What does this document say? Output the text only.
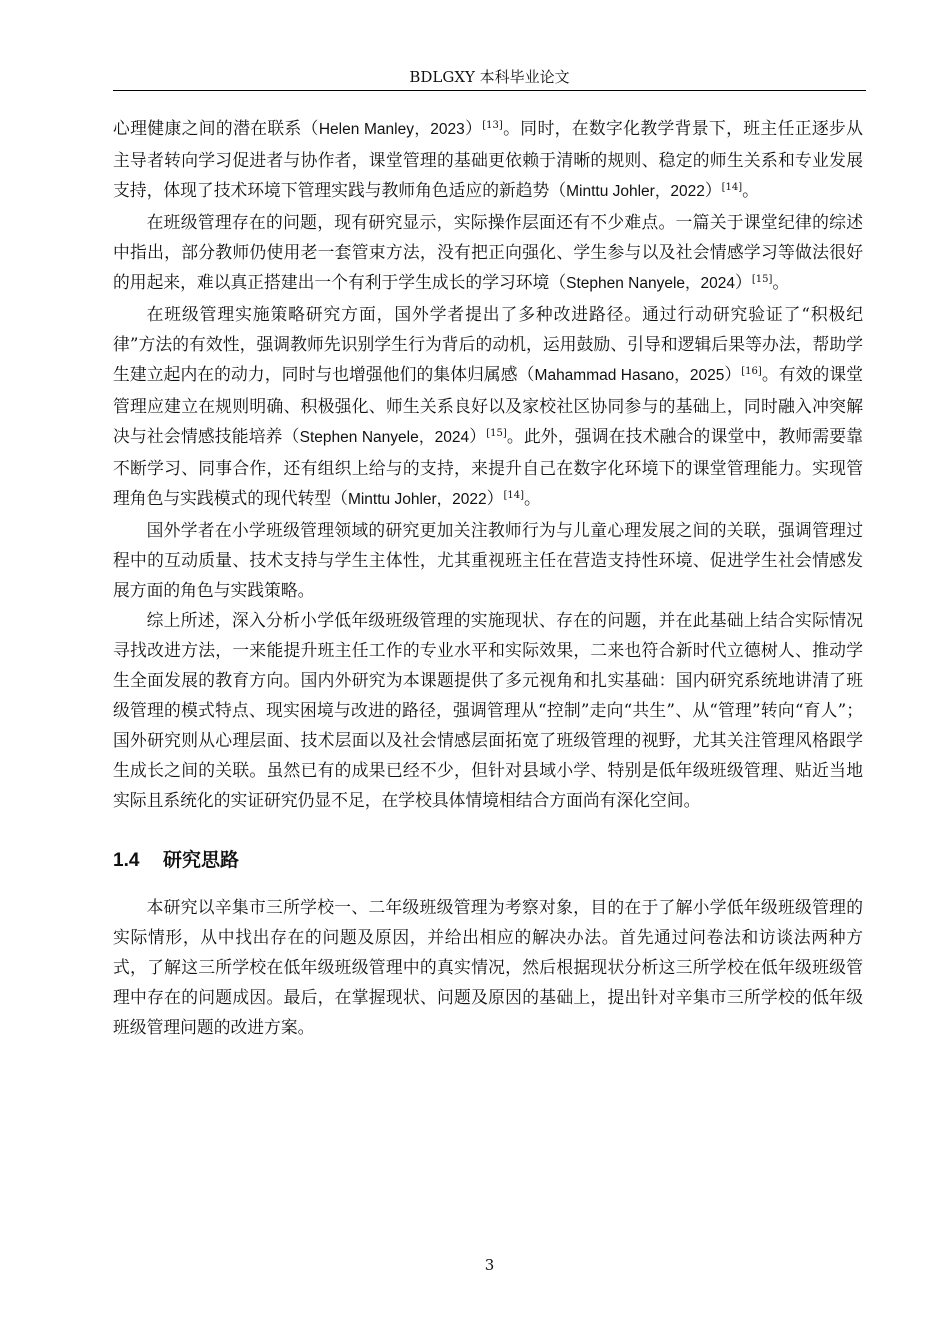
BDLGXY 本科毕业论文

心理健康之间的潜在联系（Helen Manley，2023）[13]。同时，在数字化教学背景下，班主任正逐步从主导者转向学习促进者与协作者，课堂管理的基础更依赖于清晰的规则、稳定的师生关系和专业发展支持，体现了技术环境下管理实践与教师角色适应的新趋势（Minttu Johler，2022）[14]。

在班级管理存在的问题，现有研究显示，实际操作层面还有不少难点。一篇关于课堂纪律的综述中指出，部分教师仍使用老一套管束方法，没有把正向强化、学生参与以及社会情感学习等做法很好的用起来，难以真正搭建出一个有利于学生成长的学习环境（Stephen Nanyele，2024）[15]。

在班级管理实施策略研究方面，国外学者提出了多种改进路径。通过行动研究验证了“积极纪律”方法的有效性，强调教师先识别学生行为背后的动机，运用鼓励、引导和逻辑后果等办法，帮助学生建立起内在的动力，同时与也增强他们的集体归属感（Mahammad Hasano，2025）[16]。有效的课堂管理应建立在规则明确、积极强化、师生关系良好以及家校社区协同参与的基础上，同时融入冲突解决与社会情感技能培养（Stephen Nanyele，2024）[15]。此外，强调在技术融合的课堂中，教师需要靠不断学习、同事合作，还有组织上给与的支持，来提升自己在数字化环境下的课堂管理能力。实现管理角色与实践模式的现代转型（Minttu Johler，2022）[14]。

国外学者在小学班级管理领域的研究更加关注教师行为与儿童心理发展之间的关联，强调管理过程中的互动质量、技术支持与学生主体性，尤其重视班主任在营造支持性环境、促进学生社会情感发展方面的角色与实践策略。

综上所述，深入分析小学低年级班级管理的实施现状、存在的问题，并在此基础上结合实际情况寻找改进方法，一来能提升班主任工作的专业水平和实际效果，二来也符合新时代立德树人、推动学生全面发展的教育方向。国内外研究为本课题提供了多元视角和扎实基础：国内研究系统地讲清了班级管理的模式特点、现实困境与改进的路径，强调管理从“控制”走向“共生”、从“管理”转向“育人”；国外研究则从心理层面、技术层面以及社会情感层面拓宽了班级管理的视野，尤其关注管理风格跟学生成长之间的关联。虽然已有的成果已经不少，但针对县域小学、特别是低年级班级管理、贴近当地实际且系统化的实证研究仍显不足，在学校具体情境相结合方面尚有深化空间。

1.4 研究思路

本研究以辛集市三所学校一、二年级班级管理为考察对象，目的在于了解小学低年级班级管理的实际情形，从中找出存在的问题及原因，并给出相应的解决办法。首先通过问卷法和访谈法两种方式，了解这三所学校在低年级班级管理中的真实情况，然后根据现状分析这三所学校在低年级班级管理中存在的问题成因。最后，在掌握现状、问题及原因的基础上，提出针对辛集市三所学校的低年级班级管理问题的改进方案。

3
